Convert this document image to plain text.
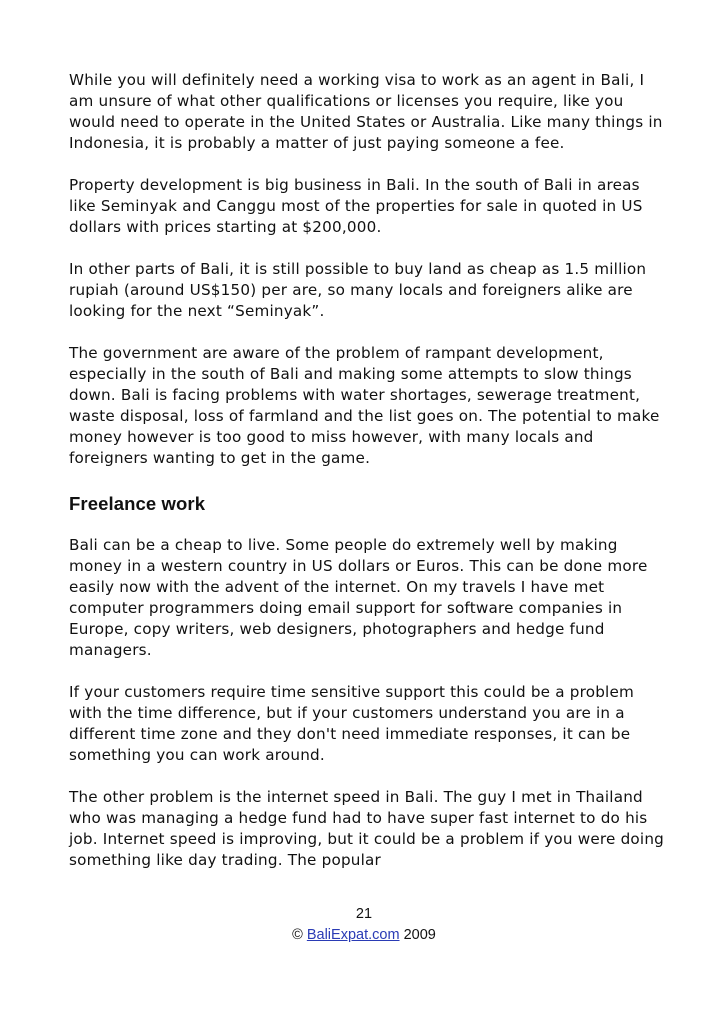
While you will definitely need a working visa to work as an agent in Bali, I am unsure of what other qualifications or licenses you require, like you would need to operate in the United States or Australia. Like many things in Indonesia, it is probably a matter of just paying someone a fee.

Property development is big business in Bali. In the south of Bali in areas like Seminyak and Canggu most of the properties for sale in quoted in US dollars with prices starting at $200,000.

In other parts of Bali, it is still possible to buy land as cheap as 1.5 million rupiah (around US$150) per are, so many locals and foreigners alike are looking for the next “Seminyak”.

The government are aware of the problem of rampant development, especially in the south of Bali and making some attempts to slow things down. Bali is facing problems with water shortages, sewerage treatment, waste disposal, loss of farmland and the list goes on. The potential to make money however is too good to miss however, with many locals and foreigners wanting to get in the game.

Freelance work

Bali can be a cheap to live. Some people do extremely well by making money in a western country in US dollars or Euros. This can be done more easily now with the advent of the internet. On my travels I have met computer programmers doing email support for software companies in Europe, copy writers, web designers, photographers and hedge fund managers.

If your customers require time sensitive support this could be a problem with the time difference, but if your customers understand you are in a different time zone and they don't need immediate responses, it can be something you can work around.

The other problem is the internet speed in Bali. The guy I met in Thailand who was managing a hedge fund had to have super fast internet to do his job. Internet speed is improving, but it could be a problem if you were doing something like day trading. The popular

21
© BaliExpat.com 2009
